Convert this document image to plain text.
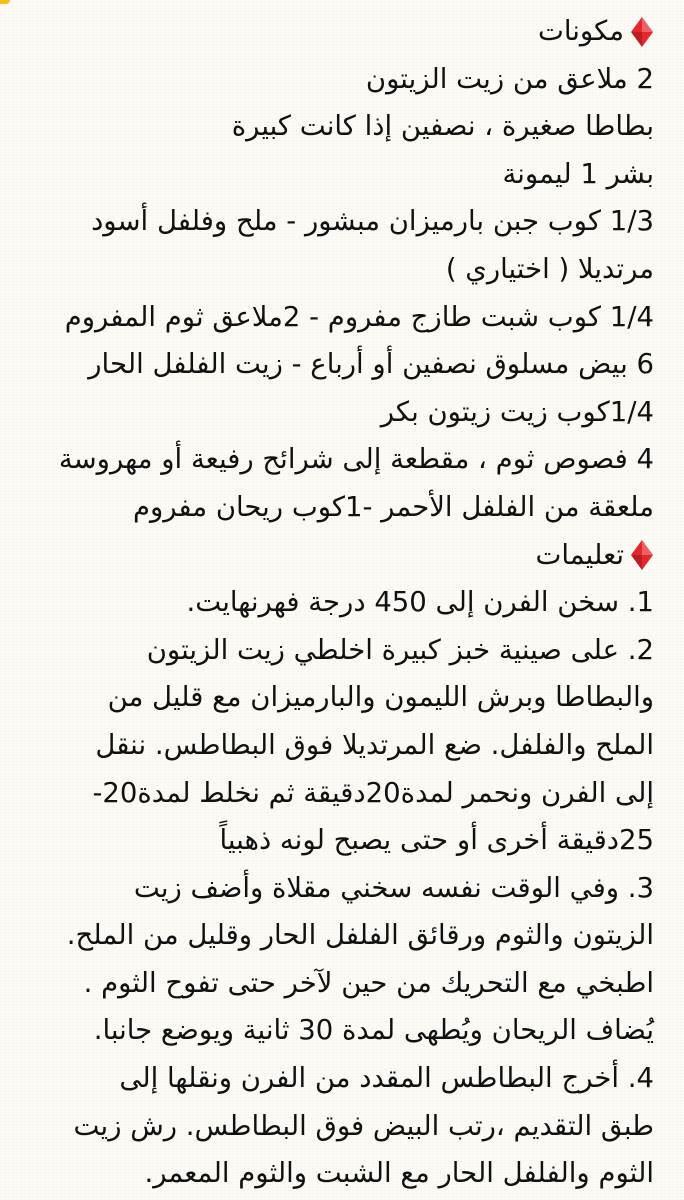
مكونات
2 ملاعق من زيت الزيتون
بطاطا صغيرة ، نصفين إذا كانت كبيرة
بشر 1 ليمونة
1/3 كوب جبن بارميزان مبشور - ملح وفلفل أسود
مرتديلا ( اختياري )
1/4 كوب شبت طازج مفروم - 2ملاعق ثوم المفروم
6 بيض مسلوق نصفين أو أرباع - زيت الفلفل الحار
1/4كوب زيت زيتون بكر
4 فصوص ثوم ، مقطعة إلى شرائح رفيعة أو مهروسة
ملعقة من الفلفل الأحمر -1كوب ريحان مفروم
تعليمات
1. سخن الفرن إلى 450 درجة فهرنهايت.
2. على صينية خبز كبيرة اخلطي زيت الزيتون
والبطاطا وبرش الليمون والبارميزان مع قليل من
الملح والفلفل. ضع المرتديلا فوق البطاطس. ننقل
إلى الفرن ونحمر لمدة20دقيقة ثم نخلط لمدة20-
25دقيقة أخرى أو حتى يصبح لونه ذهبياً
3. وفي الوقت نفسه سخني مقلاة وأضف زيت
الزيتون والثوم ورقائق الفلفل الحار وقليل من الملح.
اطبخي مع التحريك من حين لآخر حتى تفوح الثوم .
يُضاف الريحان ويُطهى لمدة 30 ثانية ويوضع جانبا.
4. أخرج البطاطس المقدد من الفرن ونقلها إلى
طبق التقديم ،رتب البيض فوق البطاطس. رش زيت
الثوم والفلفل الحار مع الشبت والثوم المعمر.
